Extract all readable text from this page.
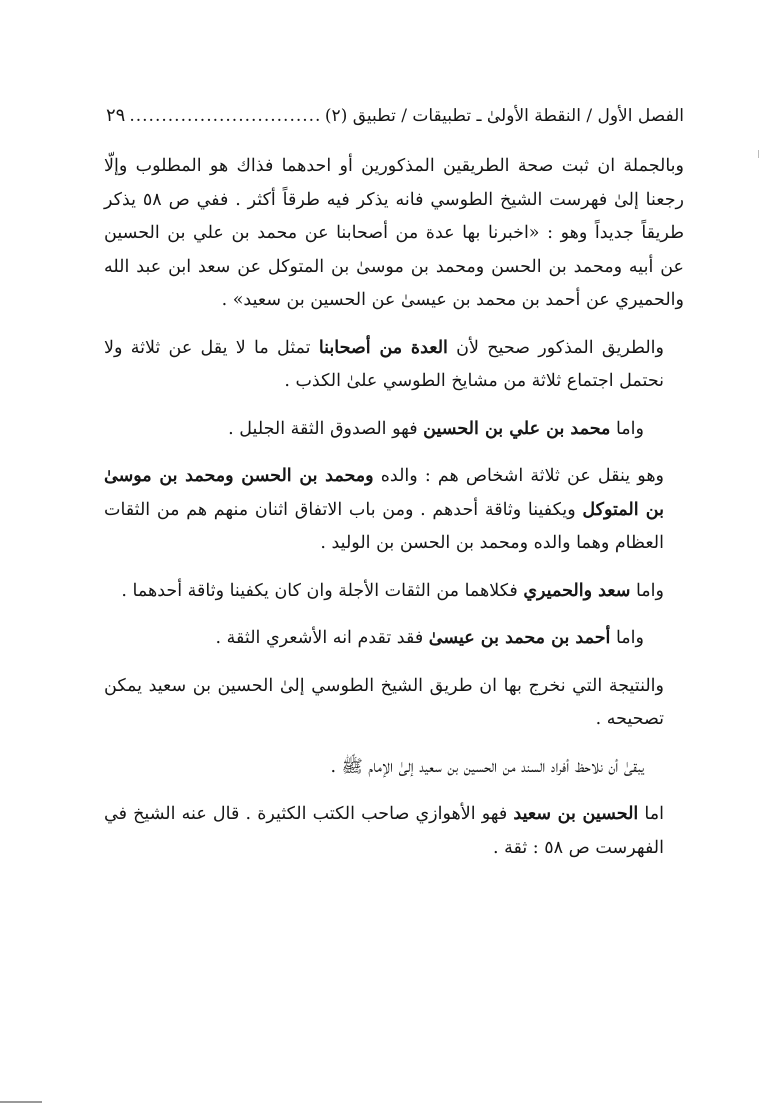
الفصل الأول / النقطة الأولىٰ ـ تطبيقات / تطبيق (٢)
.....
٢٩

وبالجملة ان ثبت صحة الطريقين المذكورين أو احدهما فذاك هو المطلوب وإلّا رجعنا إلىٰ فهرست الشيخ الطوسي فانه يذكر فيه طرقاً أكثر . ففي ص ٥٨ يذكر طريقاً جديداً وهو : «اخبرنا بها عدة من أصحابنا عن محمد بن علي بن الحسين عن أبيه ومحمد بن الحسن ومحمد بن موسىٰ بن المتوكل عن سعد ابن عبد الله والحميري عن أحمد بن محمد بن عيسىٰ عن الحسين بن سعيد» .

والطريق المذكور صحيح لأن العدة من أصحابنا تمثل ما لا يقل عن ثلاثة ولا نحتمل اجتماع ثلاثة من مشايخ الطوسي علىٰ الكذب .

واما محمد بن علي بن الحسين فهو الصدوق الثقة الجليل .

وهو ينقل عن ثلاثة اشخاص هم : والده ومحمد بن الحسن ومحمد بن موسىٰ بن المتوكل ويكفينا وثاقة أحدهم . ومن باب الاتفاق اثنان منهم هم من الثقات العظام وهما والده ومحمد بن الحسن بن الوليد .

واما سعد والحميري فكلاهما من الثقات الأجلة وان كان يكفينا وثاقة أحدهما .

واما أحمد بن محمد بن عيسىٰ فقد تقدم انه الأشعري الثقة .

والنتيجة التي نخرج بها ان طريق الشيخ الطوسي إلىٰ الحسين بن سعيد يمكن تصحيحه .

يبقىٰ أن نلاحظ أفراد السند من الحسين بن سعيد إلىٰ الإمام ﷺ .

اما الحسين بن سعيد فهو الأهوازي صاحب الكتب الكثيرة . قال عنه الشيخ في الفهرست ص ٥٨ : ثقة .
